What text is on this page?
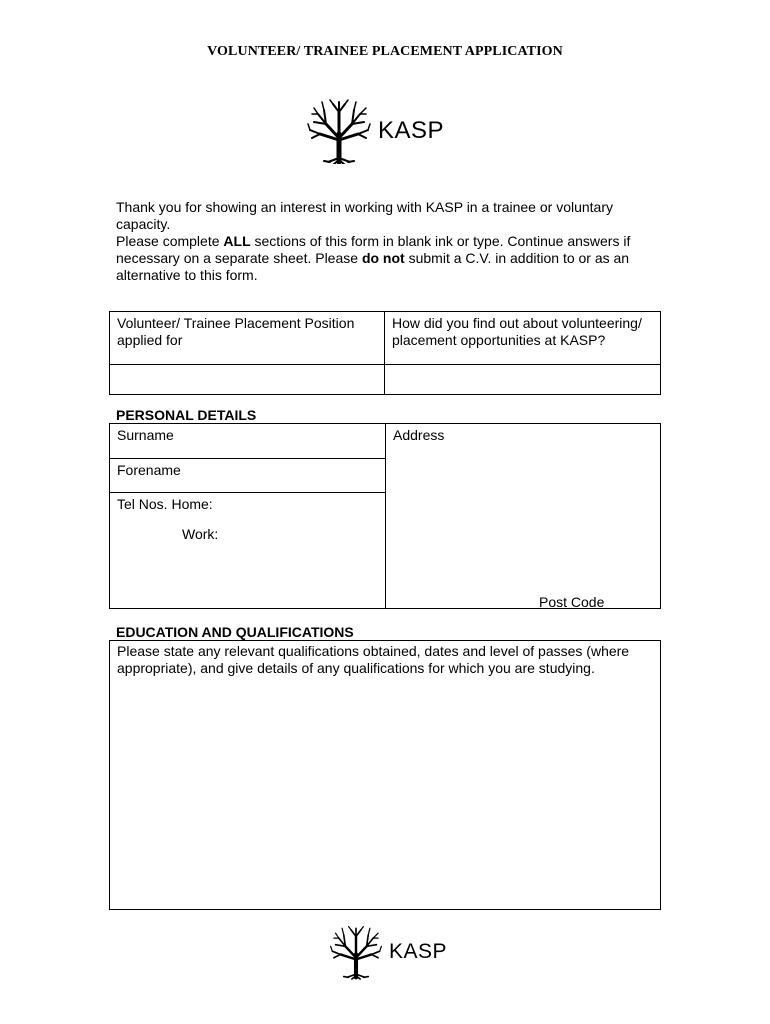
VOLUNTEER/ TRAINEE PLACEMENT APPLICATION
KASP

Thank you for showing an interest in working with KASP in a trainee or voluntary capacity.

Please complete ALL sections of this form in blank ink or type. Continue answers if necessary on a separate sheet. Please do not submit a C.V. in addition to or as an alternative to this form.

Volunteer/ Trainee Placement Position applied for	How did you find out about volunteering/ placement opportunities at KASP?

PERSONAL DETAILS
Surname
Forename
Tel Nos. Home:
Work:
Address
Post Code
EDUCATION AND QUALIFICATIONS
Please state any relevant qualifications obtained, dates and level of passes (where appropriate), and give details of any qualifications for which you are studying.
KASP
